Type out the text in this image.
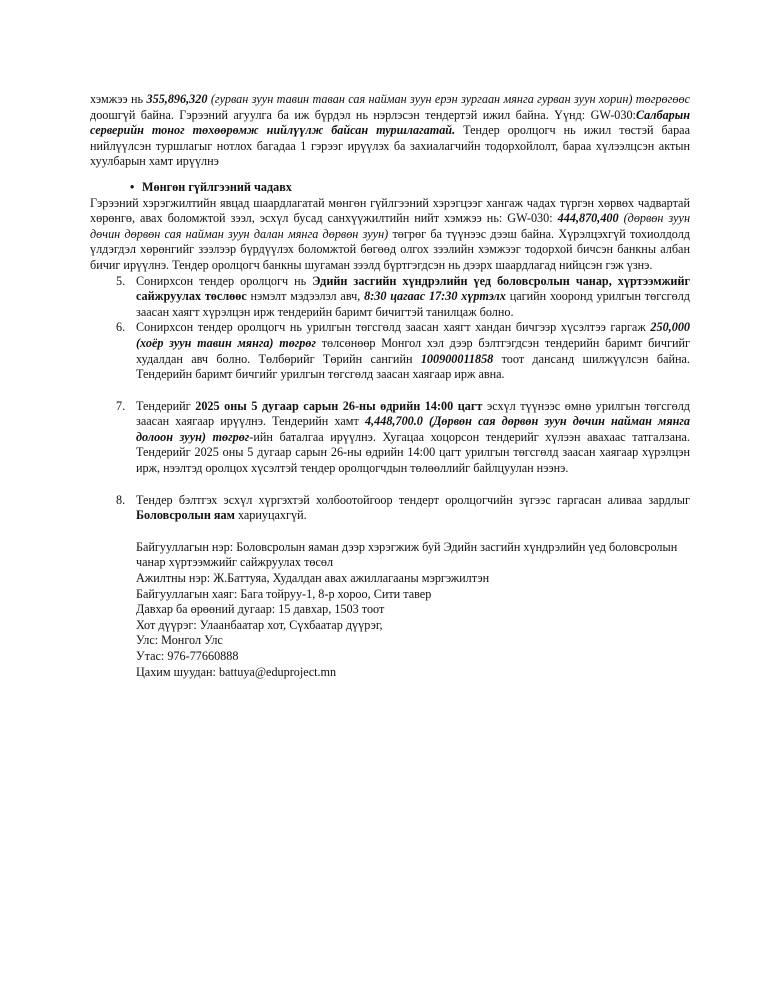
хэмжээ нь 355,896,320 (гурван зуун тавин таван сая найман зуун ерэн зургаан мянга гурван зуун хорин) төгрөгөөс доошгүй байна. Гэрээний агуулга ба иж бүрдэл нь нэрлэсэн тендертэй ижил байна. Үүнд: GW-030:Салбарын серверийн тоног төхөөрөмж нийлүүлж байсан туршлагатай. Тендер оролцогч нь ижил төстэй бараа нийлүүлсэн туршлагыг нотлох багадаа 1 гэрээг ирүүлэх ба захиалагчийн тодорхойлолт, бараа хүлээлцсэн актын хуулбарын хамт ирүүлнэ

• Мөнгөн гүйлгээний чадавх

Гэрээний хэрэгжилтийн явцад шаардлагатай мөнгөн гүйлгээний хэрэгцээг хангаж чадах түргэн хөрвөх чадвартай хөрөнгө, авах боломжтой зээл, эсхүл бусад санхүүжилтийн нийт хэмжээ нь: GW-030: 444,870,400 (дөрвөн зуун дөчин дөрвөн сая найман зуун далан мянга дөрвөн зуун) төгрөг ба түүнээс дээш байна. Хүрэлцэхгүй тохиолдолд үлдэгдэл хөрөнгийг зээлээр бүрдүүлэх боломжтой бөгөөд олгох зээлийн хэмжээг тодорхой бичсэн банкны албан бичиг ирүүлнэ. Тендер оролцогч банкны шугаман зээлд бүртгэгдсэн нь дээрх шаардлагад нийцсэн гэж үзнэ.

5. Сонирхсон тендер оролцогч нь Эдийн засгийн хүндрэлийн үед боловсролын чанар, хүртээмжийг сайжруулах төслөөс нэмэлт мэдээлэл авч, 8:30 цагаас 17:30 хүртэлх цагийн хооронд урилгын төгсгөлд заасан хаягт хүрэлцэн ирж тендерийн баримт бичигтэй танилцаж болно.
6. Сонирхсон тендер оролцогч нь урилгын төгсгөлд заасан хаягт хандан бичгээр хүсэлтээ гаргаж 250,000 (хоёр зуун тавин мянга) төгрөг төлсөнөөр Монгол хэл дээр бэлтгэгдсэн тендерийн баримт бичгийг худалдан авч болно. Төлбөрийг Төрийн сангийн 100900011858 тоот дансанд шилжүүлсэн байна. Тендерийн баримт бичгийг урилгын төгсгөлд заасан хаягаар ирж авна.
7. Тендерийг 2025 оны 5 дугаар сарын 26-ны өдрийн 14:00 цагт эсхүл түүнээс өмнө урилгын төгсгөлд заасан хаягаар ирүүлнэ. Тендерийн хамт 4,448,700.0 (Дөрвөн сая дөрвөн зуун дөчин найман мянга долоон зуун) төгрөг-ийн баталгаа ирүүлнэ. Хугацаа хоцорсон тендерийг хүлээн авахаас татгалзана. Тендерийг 2025 оны 5 дугаар сарын 26-ны өдрийн 14:00 цагт урилгын төгсгөлд заасан хаягаар хүрэлцэн ирж, нээлтэд оролцох хүсэлтэй тендер оролцогчдын төлөөллийг байлцуулан нээнэ.
8. Тендер бэлтгэх эсхүл хүргэхтэй холбоотойгоор тендерт оролцогчийн зүгээс гаргасан аливаа зардлыг Боловсролын яам хариуцахгүй.
Байгууллагын нэр: Боловсролын яаман дээр хэрэгжиж буй Эдийн засгийн хүндрэлийн үед боловсролын чанар хүртээмжийг сайжруулах төсөл
Ажилтны нэр: Ж.Баттуяа, Худалдан авах ажиллагааны мэргэжилтэн
Байгууллагын хаяг: Бага тойруу-1, 8-р хороо, Сити тавер
Давхар ба өрөөний дугаар: 15 давхар, 1503 тоот
Хот дүүрэг: Улаанбаатар хот, Сүхбаатар дүүрэг,
Улс: Монгол Улс
Утас: 976-77660888
Цахим шуудан: battuya@eduproject.mn
